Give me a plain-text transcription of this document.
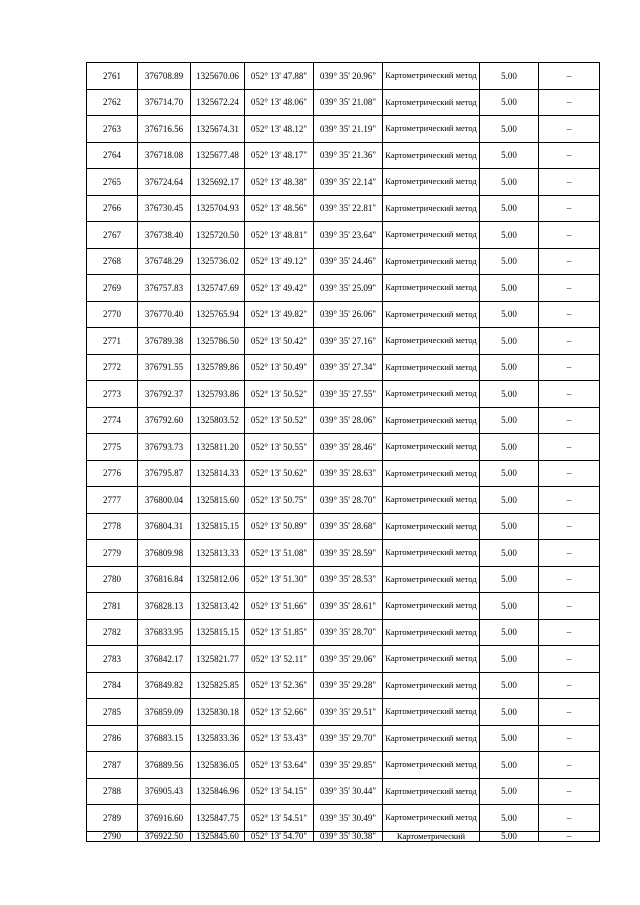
2761	376708.89	1325670.06	052° 13' 47.88"	039° 35' 20.96"	Картометрический метод	5.00	–
2762	376714.70	1325672.24	052° 13' 48.06"	039° 35' 21.08"	Картометрический метод	5.00	–
2763	376716.56	1325674.31	052° 13' 48.12"	039° 35' 21.19"	Картометрический метод	5.00	–
2764	376718.08	1325677.48	052° 13' 48.17"	039° 35' 21.36"	Картометрический метод	5.00	–
2765	376724.64	1325692.17	052° 13' 48.38"	039° 35' 22.14"	Картометрический метод	5.00	–
2766	376730.45	1325704.93	052° 13' 48.56"	039° 35' 22.81"	Картометрический метод	5.00	–
2767	376738.40	1325720.50	052° 13' 48.81"	039° 35' 23.64"	Картометрический метод	5.00	–
2768	376748.29	1325736.02	052° 13' 49.12"	039° 35' 24.46"	Картометрический метод	5.00	–
2769	376757.83	1325747.69	052° 13' 49.42"	039° 35' 25.09"	Картометрический метод	5.00	–
2770	376770.40	1325765.94	052° 13' 49.82"	039° 35' 26.06"	Картометрический метод	5.00	–
2771	376789.38	1325786.50	052° 13' 50.42"	039° 35' 27.16"	Картометрический метод	5.00	–
2772	376791.55	1325789.86	052° 13' 50.49"	039° 35' 27.34"	Картометрический метод	5.00	–
2773	376792.37	1325793.86	052° 13' 50.52"	039° 35' 27.55"	Картометрический метод	5.00	–
2774	376792.60	1325803.52	052° 13' 50.52"	039° 35' 28.06"	Картометрический метод	5.00	–
2775	376793.73	1325811.20	052° 13' 50.55"	039° 35' 28.46"	Картометрический метод	5.00	–
2776	376795.87	1325814.33	052° 13' 50.62"	039° 35' 28.63"	Картометрический метод	5.00	–
2777	376800.04	1325815.60	052° 13' 50.75"	039° 35' 28.70"	Картометрический метод	5.00	–
2778	376804.31	1325815.15	052° 13' 50.89"	039° 35' 28.68"	Картометрический метод	5.00	–
2779	376809.98	1325813.33	052° 13' 51.08"	039° 35' 28.59"	Картометрический метод	5.00	–
2780	376816.84	1325812.06	052° 13' 51.30"	039° 35' 28.53"	Картометрический метод	5.00	–
2781	376828.13	1325813.42	052° 13' 51.66"	039° 35' 28.61"	Картометрический метод	5.00	–
2782	376833.95	1325815.15	052° 13' 51.85"	039° 35' 28.70"	Картометрический метод	5.00	–
2783	376842.17	1325821.77	052° 13' 52.11"	039° 35' 29.06"	Картометрический метод	5.00	–
2784	376849.82	1325825.85	052° 13' 52.36"	039° 35' 29.28"	Картометрический метод	5.00	–
2785	376859.09	1325830.18	052° 13' 52.66"	039° 35' 29.51"	Картометрический метод	5.00	–
2786	376883.15	1325833.36	052° 13' 53.43"	039° 35' 29.70"	Картометрический метод	5.00	–
2787	376889.56	1325836.05	052° 13' 53.64"	039° 35' 29.85"	Картометрический метод	5.00	–
2788	376905.43	1325846.96	052° 13' 54.15"	039° 35' 30.44"	Картометрический метод	5.00	–
2789	376916.60	1325847.75	052° 13' 54.51"	039° 35' 30.49"	Картометрический метод	5.00	–
2790	376922.50	1325845.60	052° 13' 54.70"	039° 35' 30.38"	Картометрический	5.00	–
